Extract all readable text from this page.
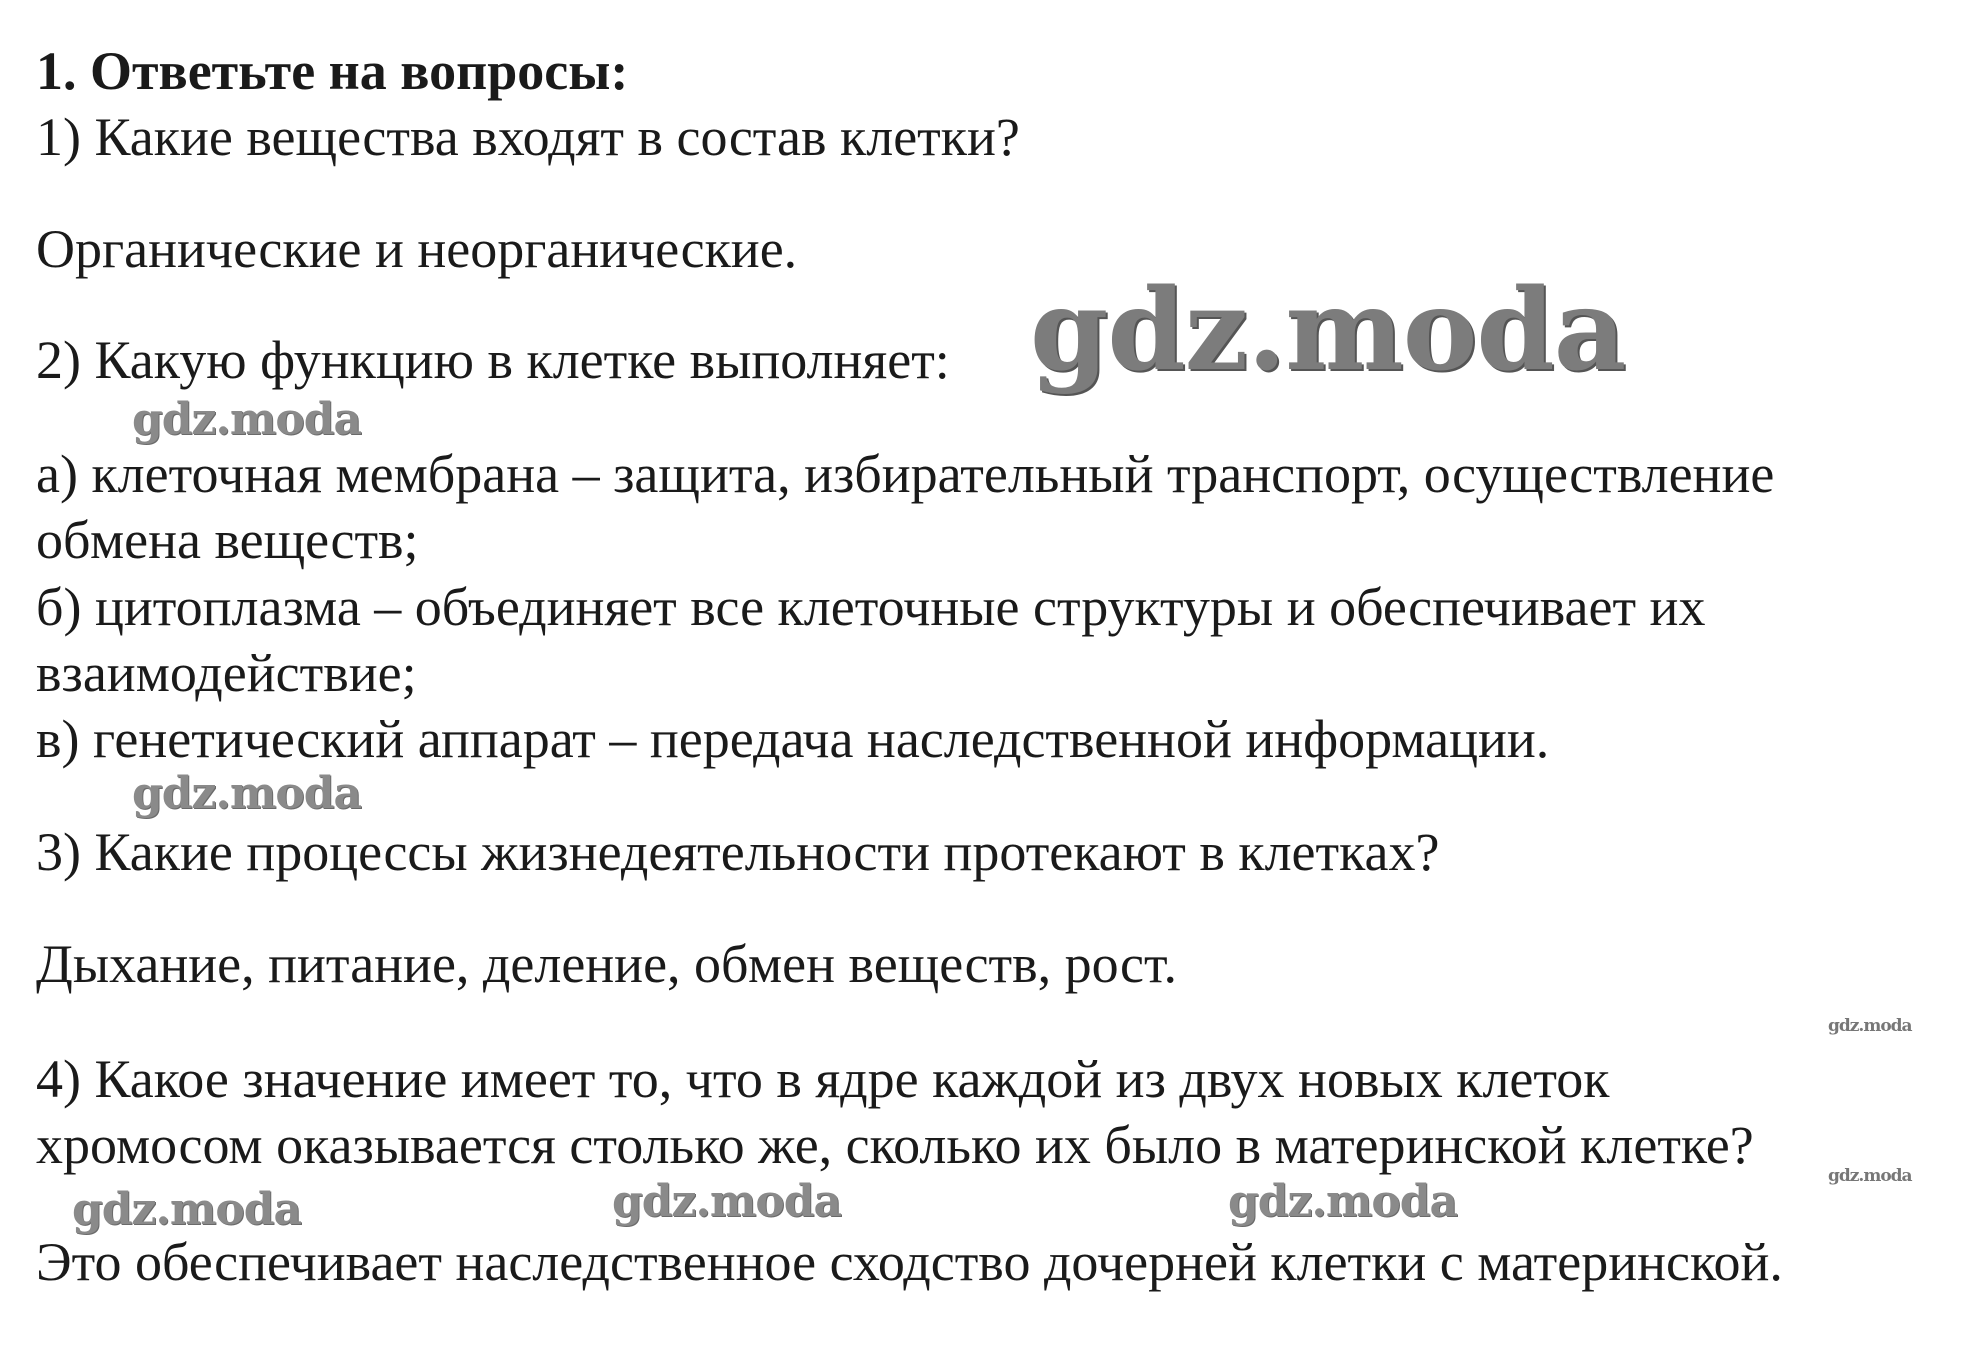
1. Ответьте на вопросы:
1) Какие вещества входят в состав клетки?
Органические и неорганические.
2) Какую функцию в клетке выполняет:
а) клеточная мембрана – защита, избирательный транспорт, осуществление
обмена веществ;
б) цитоплазма – объединяет все клеточные структуры и обеспечивает их
взаимодействие;
в) генетический аппарат – передача наследственной информации.
3) Какие процессы жизнедеятельности протекают в клетках?
Дыхание, питание, деление, обмен веществ, рост.
4) Какое значение имеет то, что в ядре каждой из двух новых клеток
хромосом оказывается столько же, сколько их было в материнской клетке?
Это обеспечивает наследственное сходство дочерней клетки с материнской.
gdz.moda
gdz.moda
gdz.moda
gdz.moda
gdz.moda
gdz.moda	gdz.moda	gdz.moda
